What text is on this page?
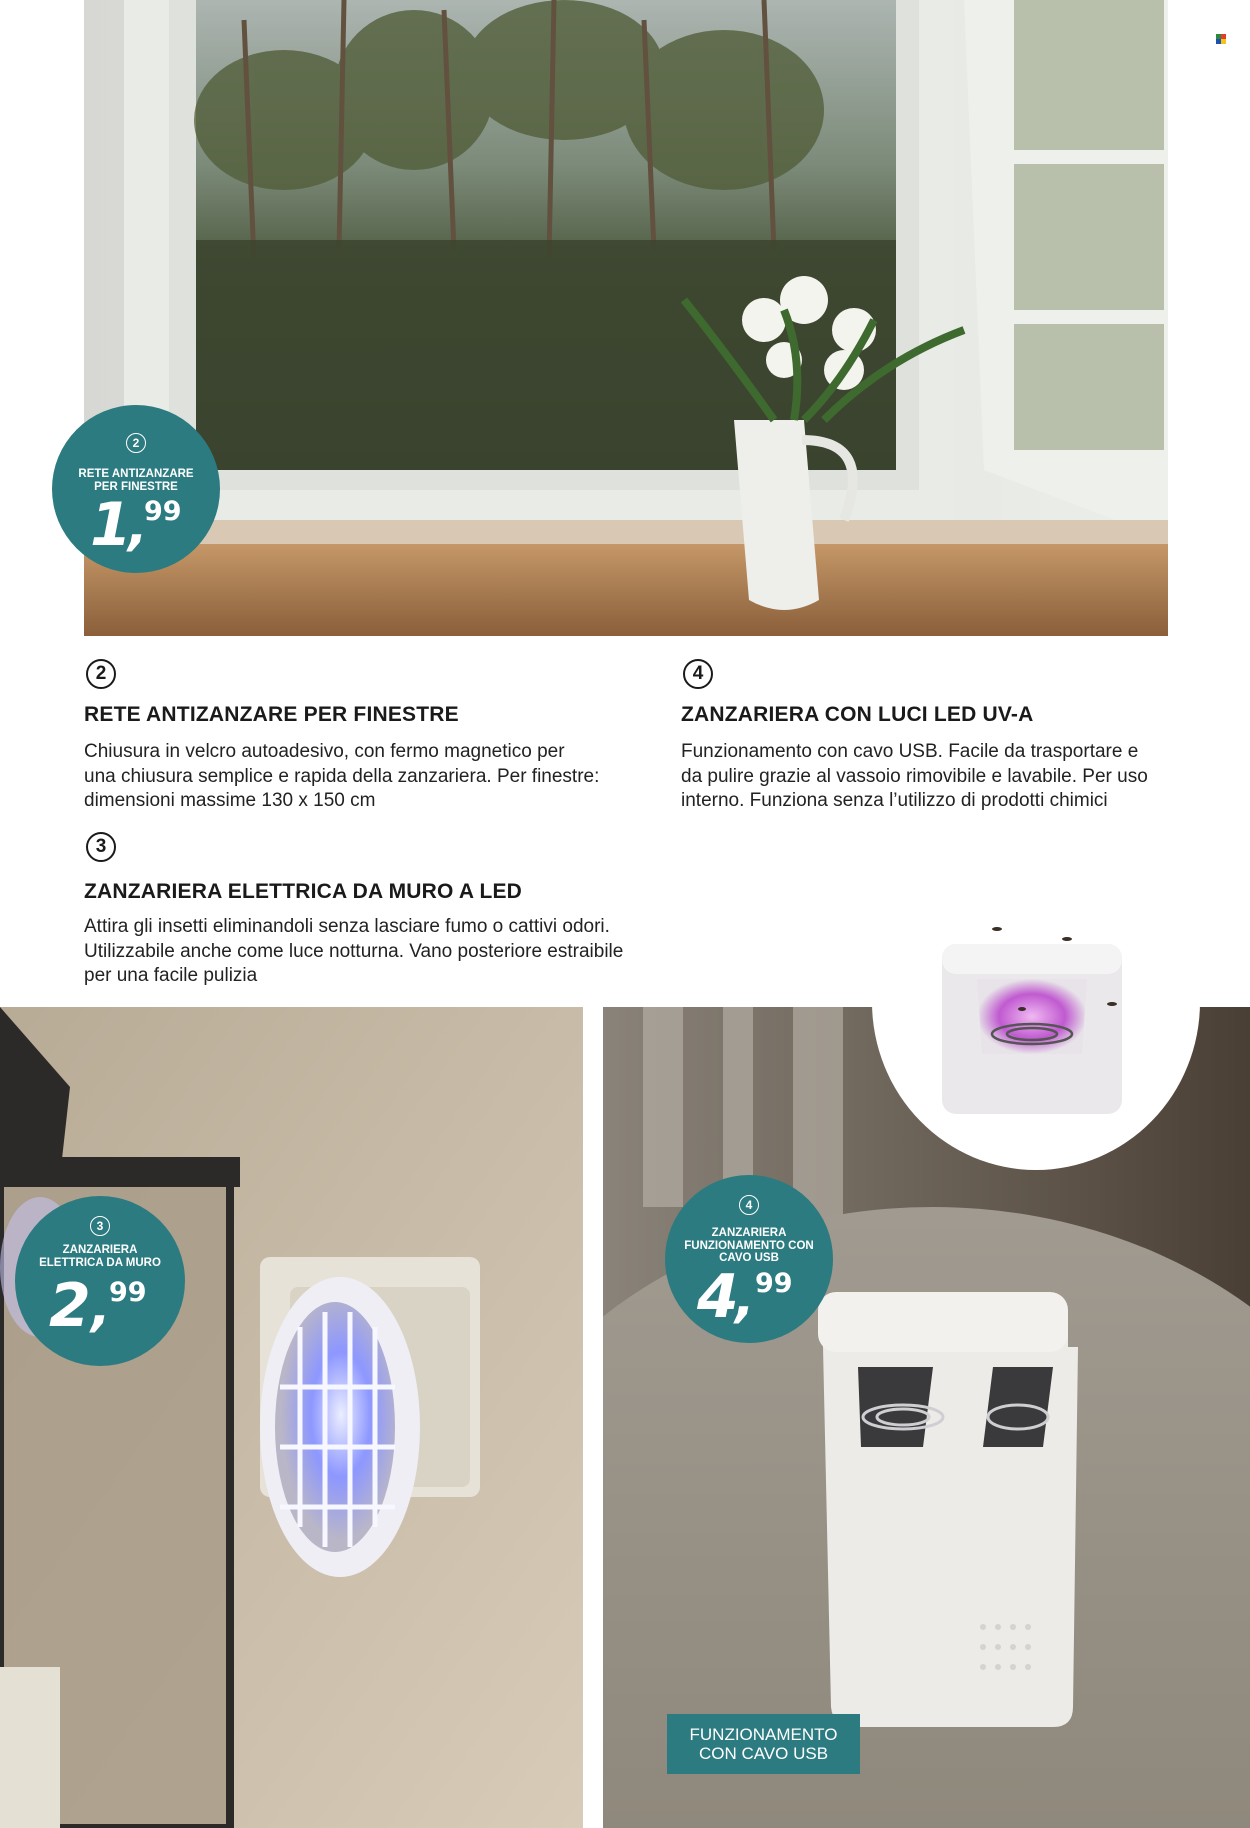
2
RETE ANTIZANZARE
PER FINESTRE
1
,
99
2
RETE ANTIZANZARE PER FINESTRE
Chiusura in velcro autoadesivo, con fermo magnetico per
una chiusura semplice e rapida della zanzariera. Per finestre:
dimensioni massime 130 x 150 cm
3
ZANZARIERA ELETTRICA DA MURO A LED
Attira gli insetti eliminandoli senza lasciare fumo o cattivi odori.
Utilizzabile anche come luce notturna. Vano posteriore estraibile
per una facile pulizia
4
ZANZARIERA CON LUCI LED UV-A
Funzionamento con cavo USB. Facile da trasportare e
da pulire grazie al vassoio rimovibile e lavabile. Per uso
interno. Funziona senza l’utilizzo di prodotti chimici
3
ZANZARIERA
ELETTRICA DA MURO
2 ,
99
4
ZANZARIERA
FUNZIONAMENTO CON
CAVO USB
4
, 99
FUNZIONAMENTO
CON CAVO USB
